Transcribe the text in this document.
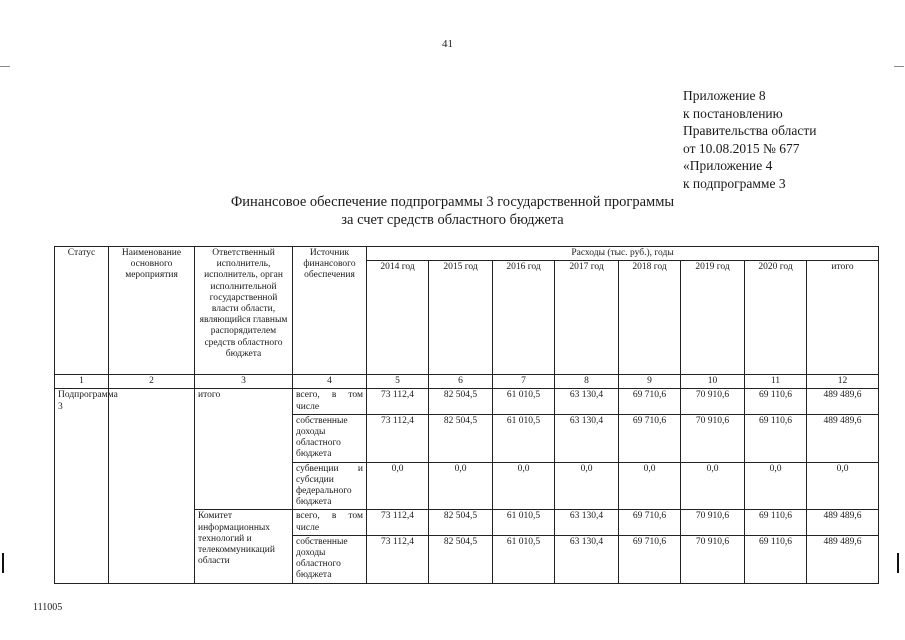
41
Приложение 8
к постановлению
Правительства области
от 10.08.2015 № 677
«Приложение 4
к подпрограмме 3
Финансовое обеспечение подпрограммы 3 государственной программы
за счет средств областного бюджета
Статус	Наименование основного мероприятия	Ответственный исполнитель, исполнитель, орган исполнительной государственной власти области, являющийся главным распорядителем средств областного бюджета	Источник финансового обеспечения	Расходы (тыс. руб.), годы							
				2014 год	2015 год	2016 год	2017 год	2018 год	2019 год	2020 год	итого
1	2	3	4	5	6	7	8	9	10	11	12
Подпрограмма 3		итого	всего, в том числе	73 112,4	82 504,5	61 010,5	63 130,4	69 710,6	70 910,6	69 110,6	489 489,6
			собственные доходы областного бюджета	73 112,4	82 504,5	61 010,5	63 130,4	69 710,6	70 910,6	69 110,6	489 489,6
			субвенции и субсидии федерального бюджета	0,0	0,0	0,0	0,0	0,0	0,0	0,0	0,0
		Комитет информационных технологий и телекоммуникаций области	всего, в том числе	73 112,4	82 504,5	61 010,5	63 130,4	69 710,6	70 910,6	69 110,6	489 489,6
			собственные доходы областного бюджета	73 112,4	82 504,5	61 010,5	63 130,4	69 710,6	70 910,6	69 110,6	489 489,6
111005
